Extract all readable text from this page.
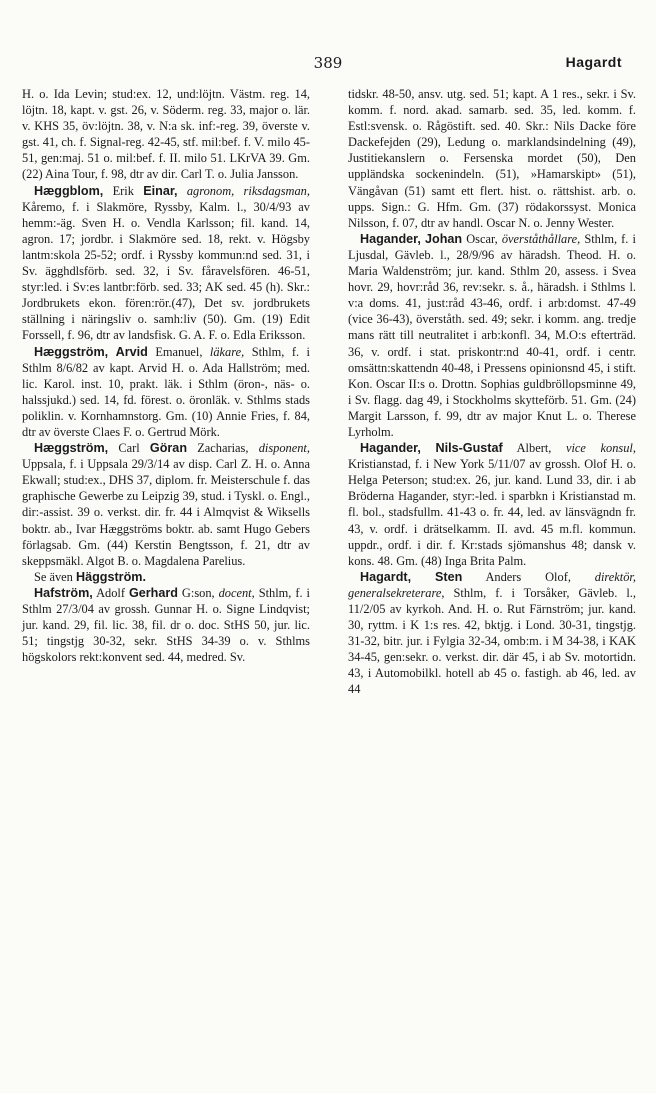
389	Hagardt

H. o. Ida Levin; stud:ex. 12, und:löjtn. Västm. reg. 14, löjtn. 18, kapt. v. gst. 26, v. Söderm. reg. 33, major o. lär. v. KHS 35, öv:löjtn. 38, v. N:a sk. inf:-reg. 39, överste v. gst. 41, ch. f. Signal-reg. 42-45, stf. mil:bef. f. V. milo 45-51, gen:maj. 51 o. mil:bef. f. II. milo 51. LKrVA 39. Gm. (22) Aina Tour, f. 98, dtr av dir. Carl T. o. Julia Jansson.

Hæggblom, Erik Einar, agronom, riksdagsman, Kåremo, f. i Slakmöre, Ryssby, Kalm. l., 30/4/93 av hemm:-äg. Sven H. o. Vendla Karlsson; fil. kand. 14, agron. 17; jordbr. i Slakmöre sed. 18, rekt. v. Högsby lantm:skola 25-52; ordf. i Ryssby kommun:nd sed. 31, i Sv. ägghdlsförb. sed. 32, i Sv. fåravelsfören. 46-51, styr:led. i Sv:es lantbr:förb. sed. 33; AK sed. 45 (h). Skr.: Jordbrukets ekon. fören:rör.(47), Det sv. jordbrukets ställning i näringsliv o. samh:liv (50). Gm. (19) Edit Forssell, f. 96, dtr av landsfisk. G. A. F. o. Edla Eriksson.

Hæggström, Arvid Emanuel, läkare, Sthlm, f. i Sthlm 8/6/82 av kapt. Arvid H. o. Ada Hallström; med. lic. Karol. inst. 10, prakt. läk. i Sthlm (öron-, näs- o. halssjukd.) sed. 14, fd. förest. o. öronläk. v. Sthlms stads poliklin. v. Kornhamnstorg. Gm. (10) Annie Fries, f. 84, dtr av överste Claes F. o. Gertrud Mörk.

Hæggström, Carl Göran Zacharias, disponent, Uppsala, f. i Uppsala 29/3/14 av disp. Carl Z. H. o. Anna Ekwall; stud:ex., DHS 37, diplom. fr. Meisterschule f. das graphische Gewerbe zu Leipzig 39, stud. i Tyskl. o. Engl., dir:-assist. 39 o. verkst. dir. fr. 44 i Almqvist & Wiksells boktr. ab., Ivar Hæggströms boktr. ab. samt Hugo Gebers förlagsab. Gm. (44) Kerstin Bengtsson, f. 21, dtr av skeppsmäkl. Algot B. o. Magdalena Parelius.

Se även Häggström.

Hafström, Adolf Gerhard G:son, docent, Sthlm, f. i Sthlm 27/3/04 av grossh. Gunnar H. o. Signe Lindqvist; jur. kand. 29, fil. lic. 38, fil. dr o. doc. StHS 50, jur. lic. 51; tingstjg 30-32, sekr. StHS 34-39 o. v. Sthlms högskolors rekt:konvent sed. 44, medred. Sv.

tidskr. 48-50, ansv. utg. sed. 51; kapt. A 1 res., sekr. i Sv. komm. f. nord. akad. samarb. sed. 35, led. komm. f. Estl:svensk. o. Rågöstift. sed. 40. Skr.: Nils Dacke före Dackefejden (29), Ledung o. marklandsindelning (49), Justitiekanslern o. Fersenska mordet (50), Den uppländska sockenindeln. (51), »Hamarskipt» (51), Vängåvan (51) samt ett flert. hist. o. rättshist. arb. o. upps. Sign.: G. Hfm. Gm. (37) rödakorssyst. Monica Nilsson, f. 07, dtr av handl. Oscar N. o. Jenny Wester.

Hagander, Johan Oscar, överståthållare, Sthlm, f. i Ljusdal, Gävleb. l., 28/9/96 av häradsh. Theod. H. o. Maria Waldenström; jur. kand. Sthlm 20, assess. i Svea hovr. 29, hovr:råd 36, rev:sekr. s. å., häradsh. i Sthlms l. v:a doms. 41, just:råd 43-46, ordf. i arb:domst. 47-49 (vice 36-43), överståth. sed. 49; sekr. i komm. ang. tredje mans rätt till neutralitet i arb:konfl. 34, M.O:s efterträd. 36, v. ordf. i stat. priskontr:nd 40-41, ordf. i centr. omsättn:skattendn 40-48, i Pressens opinionsnd 45, i stift. Kon. Oscar II:s o. Drottn. Sophias guldbröllopsminne 49, i Sv. flagg. dag 49, i Stockholms skytteförb. 51. Gm. (24) Margit Larsson, f. 99, dtr av major Knut L. o. Therese Lyrholm.

Hagander, Nils-Gustaf Albert, vice konsul, Kristianstad, f. i New York 5/11/07 av grossh. Olof H. o. Helga Peterson; stud:ex. 26, jur. kand. Lund 33, dir. i ab Bröderna Hagander, styr:-led. i sparbkn i Kristianstad m. fl. bol., stadsfullm. 41-43 o. fr. 44, led. av länsvägndn fr. 43, v. ordf. i drätselkamm. II. avd. 45 m.fl. kommun. uppdr., ordf. i dir. f. Kr:stads sjömanshus 48; dansk v. kons. 48. Gm. (48) Inga Brita Palm.

Hagardt, Sten Anders Olof, direktör, generalsekreterare, Sthlm, f. i Torsåker, Gävleb. l., 11/2/05 av kyrkoh. And. H. o. Rut Färnström; jur. kand. 30, ryttm. i K 1:s res. 42, bktjg. i Lond. 30-31, tingstjg. 31-32, bitr. jur. i Fylgia 32-34, omb:m. i M 34-38, i KAK 34-45, gen:sekr. o. verkst. dir. där 45, i ab Sv. motortidn. 43, i Automobilkl. hotell ab 45 o. fastigh. ab 46, led. av 44
